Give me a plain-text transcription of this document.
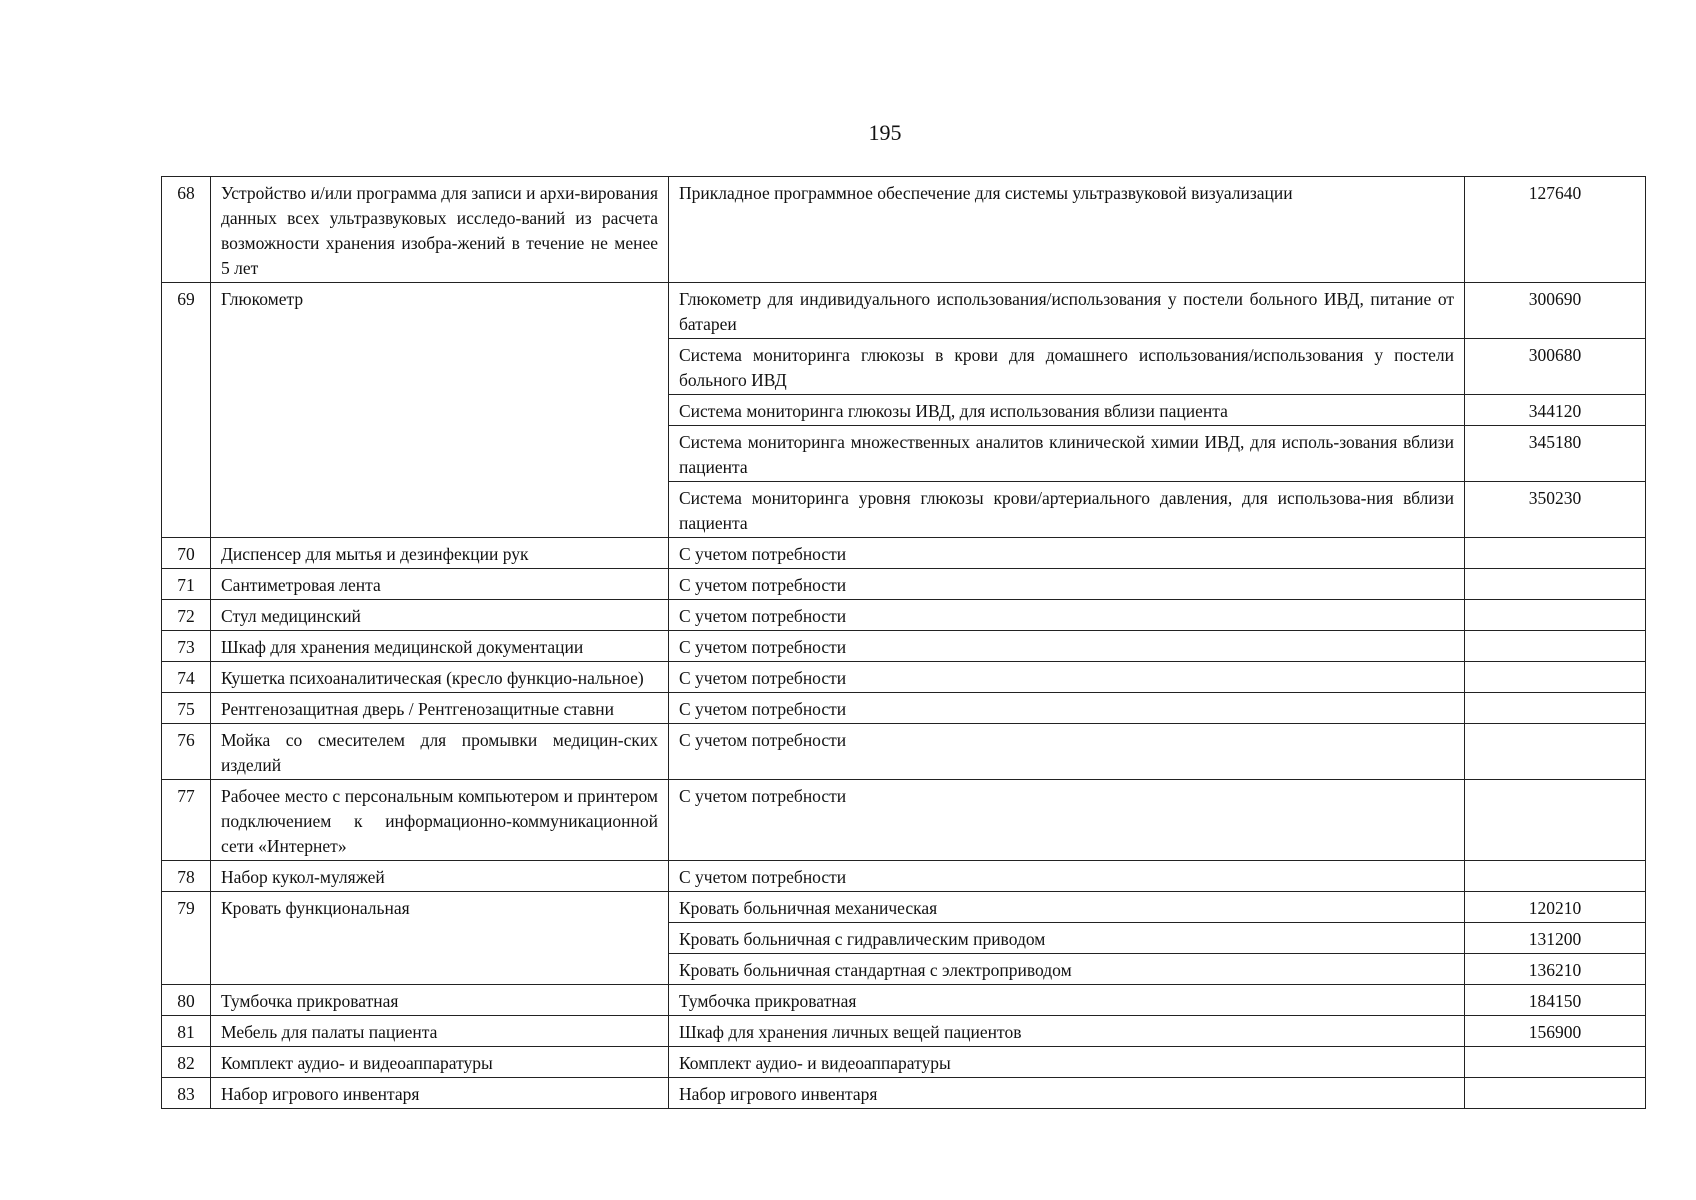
195
68	Устройство и/или программа для записи и архи-вирования данных всех ультразвуковых исследо-ваний из расчета возможности хранения изобра-жений в течение не менее 5 лет	Прикладное программное обеспечение для системы ультразвуковой визуализации	127640
69	Глюкометр	Глюкометр для индивидуального использования/использования у постели больного ИВД, питание от батареи	300690
		Система мониторинга глюкозы в крови для домашнего использования/использования у постели больного ИВД	300680
		Система мониторинга глюкозы ИВД, для использования вблизи пациента	344120
		Система мониторинга множественных аналитов клинической химии ИВД, для исполь-зования вблизи пациента	345180
		Система мониторинга уровня глюкозы крови/артериального давления, для использова-ния вблизи пациента	350230
70	Диспенсер для мытья и дезинфекции рук	С учетом потребности	
71	Сантиметровая лента	С учетом потребности	
72	Стул медицинский	С учетом потребности	
73	Шкаф для хранения медицинской документации	С учетом потребности	
74	Кушетка психоаналитическая (кресло функцио-нальное)	С учетом потребности	
75	Рентгенозащитная дверь / Рентгенозащитные ставни	С учетом потребности	
76	Мойка со смесителем для промывки медицин-ских изделий	С учетом потребности	
77	Рабочее место с персональным компьютером и принтером подключением к информационно-коммуникационной сети «Интернет»	С учетом потребности	
78	Набор кукол-муляжей	С учетом потребности	
79	Кровать функциональная	Кровать больничная механическая	120210
		Кровать больничная с гидравлическим приводом	131200
		Кровать больничная стандартная с электроприводом	136210
80	Тумбочка прикроватная	Тумбочка прикроватная	184150
81	Мебель для палаты пациента	Шкаф для хранения личных вещей пациентов	156900
82	Комплект аудио- и видеоаппаратуры	Комплект аудио- и видеоаппаратуры	
83	Набор игрового инвентаря	Набор игрового инвентаря	
